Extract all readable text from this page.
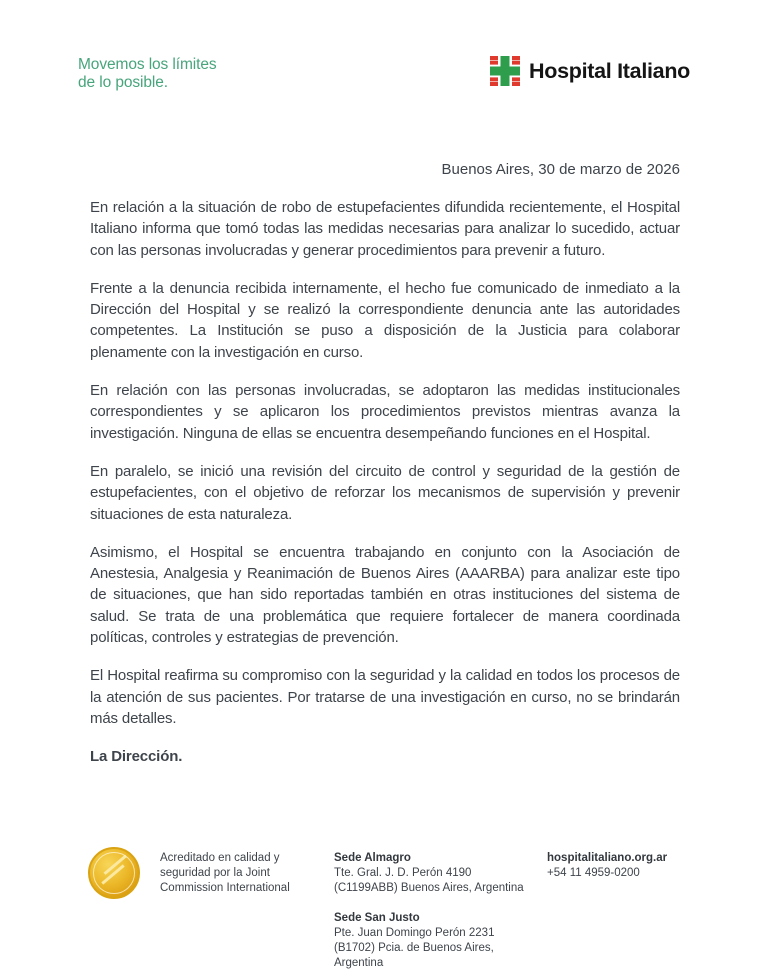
Movemos los límites
de lo posible.	Hospital Italiano
Buenos Aires, 30 de marzo de 2026

En relación a la situación de robo de estupefacientes difundida recientemente, el Hospital Italiano informa que tomó todas las medidas necesarias para analizar lo sucedido, actuar con las personas involucradas y generar procedimientos para prevenir a futuro.

Frente a la denuncia recibida internamente, el hecho fue comunicado de inmediato a la Dirección del Hospital y se realizó la correspondiente denuncia ante las autoridades competentes. La Institución se puso a disposición de la Justicia para colaborar plenamente con la investigación en curso.

En relación con las personas involucradas, se adoptaron las medidas institucionales correspondientes y se aplicaron los procedimientos previstos mientras avanza la investigación. Ninguna de ellas se encuentra desempeñando funciones en el Hospital.

En paralelo, se inició una revisión del circuito de control y seguridad de la gestión de estupefacientes, con el objetivo de reforzar los mecanismos de supervisión y prevenir situaciones de esta naturaleza.

Asimismo, el Hospital se encuentra trabajando en conjunto con la Asociación de Anestesia, Analgesia y Reanimación de Buenos Aires (AAARBA) para analizar este tipo de situaciones, que han sido reportadas también en otras instituciones del sistema de salud. Se trata de una problemática que requiere fortalecer de manera coordinada políticas, controles y estrategias de prevención.

El Hospital reafirma su compromiso con la seguridad y la calidad en todos los procesos de la atención de sus pacientes. Por tratarse de una investigación en curso, no se brindarán más detalles.

La Dirección.

Acreditado en calidad y seguridad por la Joint Commission International
Sede Almagro
Tte. Gral. J. D. Perón 4190
(C1199ABB) Buenos Aires, Argentina
Sede San Justo
Pte. Juan Domingo Perón 2231
(B1702) Pcia. de Buenos Aires, Argentina
hospitalitaliano.org.ar
+54 11 4959-0200
